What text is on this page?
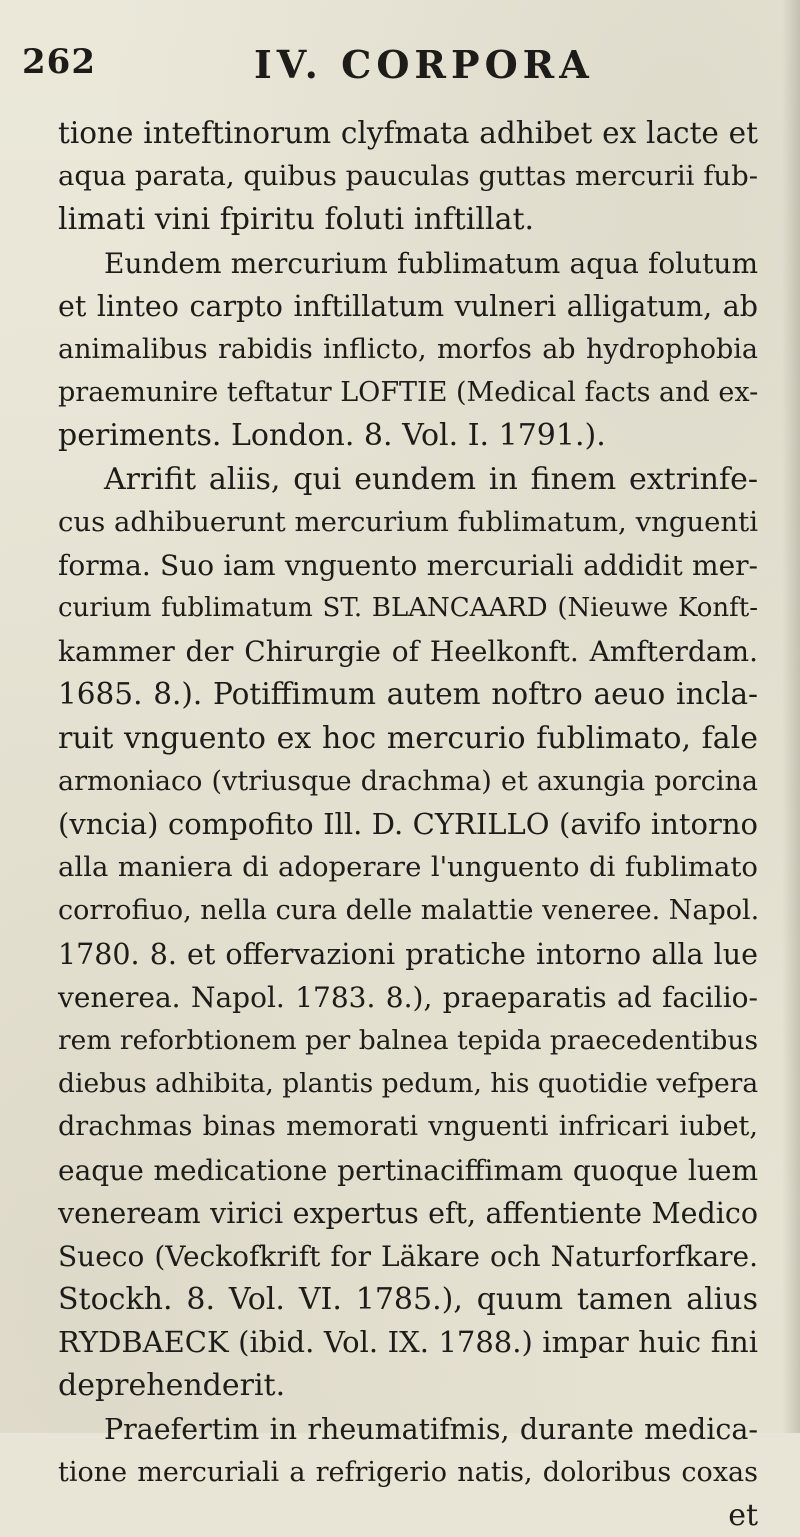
262	IV. CORPORA
tione inteftinorum clyfmata adhibet ex lacte et
aqua parata, quibus pauculas guttas mercurii fub-
limati vini fpiritu foluti inftillat.
Eundem mercurium fublimatum aqua folutum
et linteo carpto inftillatum vulneri alligatum, ab
animalibus rabidis inflicto, morfos ab hydrophobia
praemunire teftatur LOFTIE (Medical facts and ex-
periments. London. 8. Vol. I. 1791.).
Arrifit aliis, qui eundem in finem extrinfe-
cus adhibuerunt mercurium fublimatum, vnguenti
forma. Suo iam vnguento mercuriali addidit mer-
curium fublimatum ST. BLANCAARD (Nieuwe Konft-
kammer der Chirurgie of Heelkonft. Amfterdam.
1685. 8.). Potiffimum autem noftro aeuo incla-
ruit vnguento ex hoc mercurio fublimato, fale
armoniaco (vtriusque drachma) et axungia porcina
(vncia) compofito Ill. D. CYRILLO (avifo intorno
alla maniera di adoperare l'unguento di fublimato
corrofiuo, nella cura delle malattie veneree. Napol.
1780. 8. et offervazioni pratiche intorno alla lue
venerea. Napol. 1783. 8.), praeparatis ad facilio-
rem reforbtionem per balnea tepida praecedentibus
diebus adhibita, plantis pedum, his quotidie vefpera
drachmas binas memorati vnguenti infricari iubet,
eaque medicatione pertinaciffimam quoque luem
veneream virici expertus eft, affentiente Medico
Sueco (Veckofkrift for Läkare och Naturforfkare.
Stockh. 8. Vol. VI. 1785.), quum tamen alius
RYDBAECK (ibid. Vol. IX. 1788.) impar huic fini
deprehenderit.
Praefertim in rheumatifmis, durante medica-
tione mercuriali a refrigerio natis, doloribus coxas
et
